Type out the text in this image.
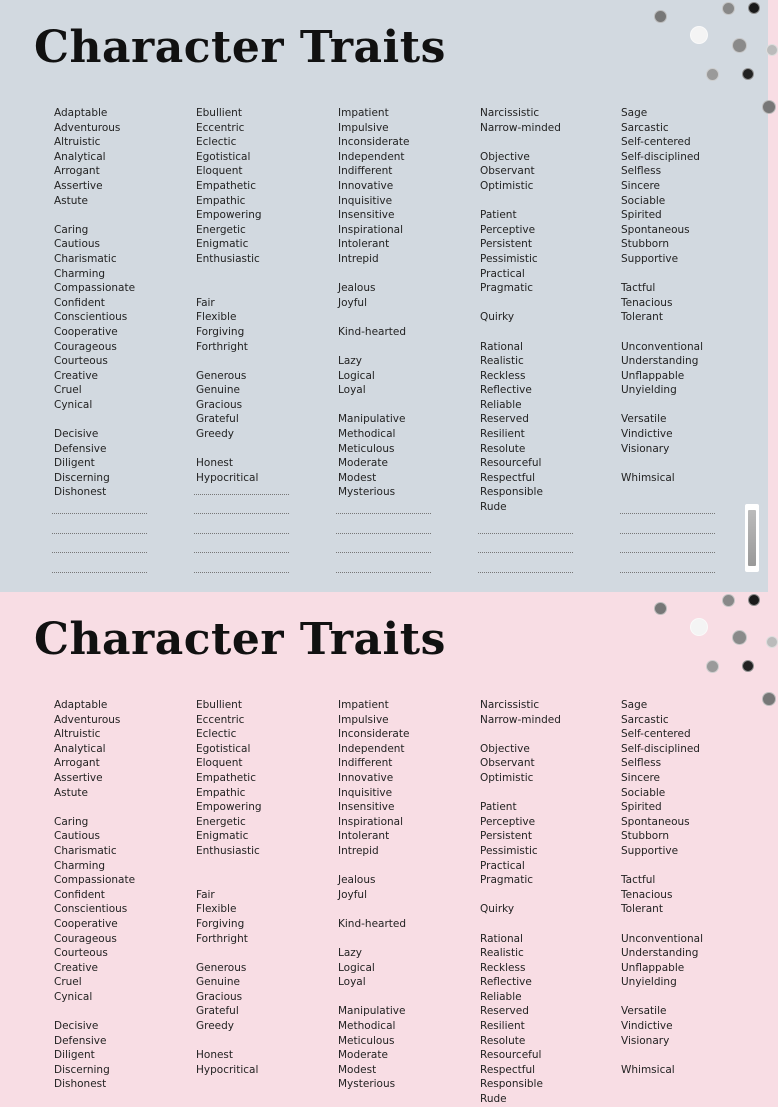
Character Traits
Adaptable
Adventurous
Altruistic
Analytical
Arrogant
Assertive
Astute

Caring
Cautious
Charismatic
Charming
Compassionate
Confident
Conscientious
Cooperative
Courageous
Courteous
Creative
Cruel
Cynical

Decisive
Defensive
Diligent
Discerning
Dishonest
Ebullient
Eccentric
Eclectic
Egotistical
Eloquent
Empathetic
Empathic
Empowering
Energetic
Enigmatic
Enthusiastic

Fair
Flexible
Forgiving
Forthright

Generous
Genuine
Gracious
Grateful
Greedy

Honest
Hypocritical
Impatient
Impulsive
Inconsiderate
Independent
Indifferent
Innovative
Inquisitive
Insensitive
Inspirational
Intolerant
Intrepid

Jealous
Joyful

Kind-hearted

Lazy
Logical
Loyal

Manipulative
Methodical
Meticulous
Moderate
Modest
Mysterious
Narcissistic
Narrow-minded

Objective
Observant
Optimistic

Patient
Perceptive
Persistent
Pessimistic
Practical
Pragmatic

Quirky

Rational
Realistic
Reckless
Reflective
Reliable
Reserved
Resilient
Resolute
Resourceful
Respectful
Responsible
Rude
Sage
Sarcastic
Self-centered
Self-disciplined
Selfless
Sincere
Sociable
Spirited
Spontaneous
Stubborn
Supportive

Tactful
Tenacious
Tolerant

Unconventional
Understanding
Unflappable
Unyielding

Versatile
Vindictive
Visionary

Whimsical
Character Traits
Adaptable
Adventurous
Altruistic
Analytical
Arrogant
Assertive
Astute

Caring
Cautious
Charismatic
Charming
Compassionate
Confident
Conscientious
Cooperative
Courageous
Courteous
Creative
Cruel
Cynical

Decisive
Defensive
Diligent
Discerning
Dishonest
Ebullient
Eccentric
Eclectic
Egotistical
Eloquent
Empathetic
Empathic
Empowering
Energetic
Enigmatic
Enthusiastic

Fair
Flexible
Forgiving
Forthright

Generous
Genuine
Gracious
Grateful
Greedy

Honest
Hypocritical
Impatient
Impulsive
Inconsiderate
Independent
Indifferent
Innovative
Inquisitive
Insensitive
Inspirational
Intolerant
Intrepid

Jealous
Joyful

Kind-hearted

Lazy
Logical
Loyal

Manipulative
Methodical
Meticulous
Moderate
Modest
Mysterious
Narcissistic
Narrow-minded

Objective
Observant
Optimistic

Patient
Perceptive
Persistent
Pessimistic
Practical
Pragmatic

Quirky

Rational
Realistic
Reckless
Reflective
Reliable
Reserved
Resilient
Resolute
Resourceful
Respectful
Responsible
Rude
Sage
Sarcastic
Self-centered
Self-disciplined
Selfless
Sincere
Sociable
Spirited
Spontaneous
Stubborn
Supportive

Tactful
Tenacious
Tolerant

Unconventional
Understanding
Unflappable
Unyielding

Versatile
Vindictive
Visionary

Whimsical
